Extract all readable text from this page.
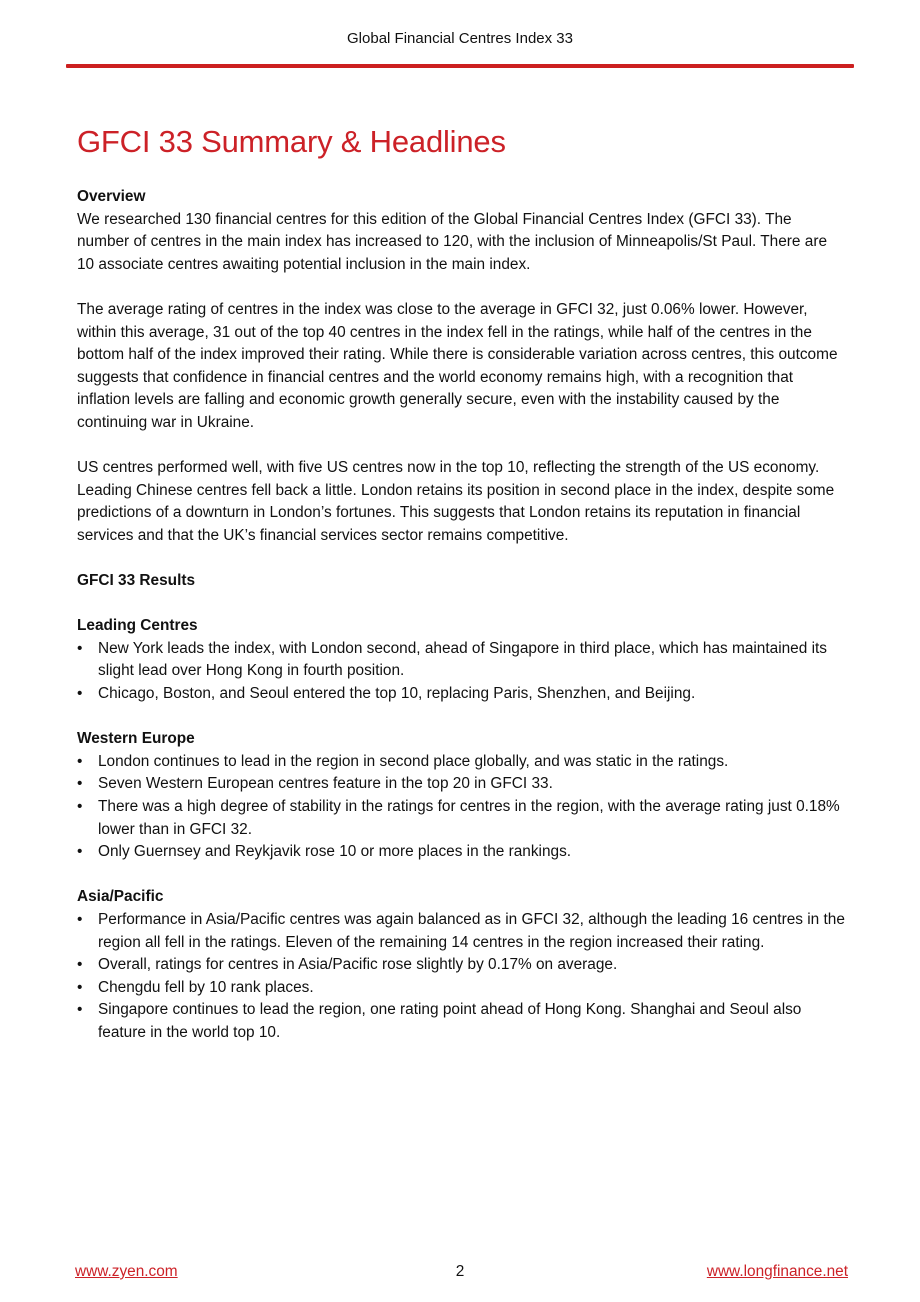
Global Financial Centres Index 33
GFCI 33 Summary & Headlines

Overview

We researched 130 financial centres for this edition of the Global Financial Centres Index (GFCI 33). The number of centres in the main index has increased to 120, with the inclusion of Minneapolis/St Paul. There are 10 associate centres awaiting potential inclusion in the main index.

The average rating of centres in the index was close to the average in GFCI 32, just 0.06% lower. However, within this average, 31 out of the top 40 centres in the index fell in the ratings, while half of the centres in the bottom half of the index improved their rating. While there is considerable variation across centres, this outcome suggests that confidence in financial centres and the world economy remains high, with a recognition that inflation levels are falling and economic growth generally secure, even with the instability caused by the continuing war in Ukraine.

US centres performed well, with five US centres now in the top 10, reflecting the strength of the US economy. Leading Chinese centres fell back a little. London retains its position in second place in the index, despite some predictions of a downturn in London’s fortunes. This suggests that London retains its reputation in financial services and that the UK’s financial services sector remains competitive.

GFCI 33 Results

Leading Centres

• New York leads the index, with London second, ahead of Singapore in third place, which has maintained its slight lead over Hong Kong in fourth position.
• Chicago, Boston, and Seoul entered the top 10, replacing Paris, Shenzhen, and Beijing.

Western Europe

• London continues to lead in the region in second place globally, and was static in the ratings.
• Seven Western European centres feature in the top 20 in GFCI 33.
• There was a high degree of stability in the ratings for centres in the region, with the average rating just 0.18% lower than in GFCI 32.
• Only Guernsey and Reykjavik rose 10 or more places in the rankings.

Asia/Pacific

• Performance in Asia/Pacific centres was again balanced as in GFCI 32, although the leading 16 centres in the region all fell in the ratings. Eleven of the remaining 14 centres in the region increased their rating.
• Overall, ratings for centres in Asia/Pacific rose slightly by 0.17% on average.
• Chengdu fell by 10 rank places.
• Singapore continues to lead the region, one rating point ahead of Hong Kong. Shanghai and Seoul also feature in the world top 10.
www.zyen.com	2	www.longfinance.net
